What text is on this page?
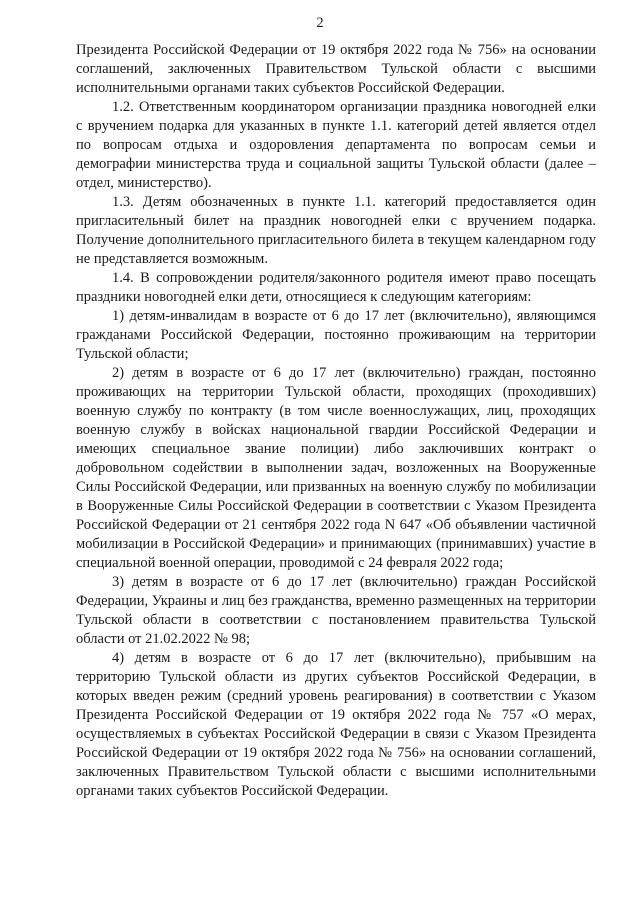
2

Президента Российской Федерации от 19 октября 2022 года № 756» на основании соглашений, заключенных Правительством Тульской области с высшими исполнительными органами таких субъектов Российской Федерации.

1.2. Ответственным координатором организации праздника новогодней елки с вручением подарка для указанных в пункте 1.1. категорий детей является отдел по вопросам отдыха и оздоровления департамента по вопросам семьи и демографии министерства труда и социальной защиты Тульской области (далее – отдел, министерство).

1.3. Детям обозначенных в пункте 1.1. категорий предоставляется один пригласительный билет на праздник новогодней елки с вручением подарка. Получение дополнительного пригласительного билета в текущем календарном году не представляется возможным.

1.4. В сопровождении родителя/законного родителя имеют право посещать праздники новогодней елки дети, относящиеся к следующим категориям:

1) детям-инвалидам в возрасте от 6 до 17 лет (включительно), являющимся гражданами Российской Федерации, постоянно проживающим на территории Тульской области;

2) детям в возрасте от 6 до 17 лет (включительно) граждан, постоянно проживающих на территории Тульской области, проходящих (проходивших) военную службу по контракту (в том числе военнослужащих, лиц, проходящих военную службу в войсках национальной гвардии Российской Федерации и имеющих специальное звание полиции) либо заключивших контракт о добровольном содействии в выполнении задач, возложенных на Вооруженные Силы Российской Федерации, или призванных на военную службу по мобилизации в Вооруженные Силы Российской Федерации в соответствии с Указом Президента Российской Федерации от 21 сентября 2022 года N 647 «Об объявлении частичной мобилизации в Российской Федерации» и принимающих (принимавших) участие в специальной военной операции, проводимой с 24 февраля 2022 года;

3) детям в возрасте от 6 до 17 лет (включительно) граждан Российской Федерации, Украины и лиц без гражданства, временно размещенных на территории Тульской области в соответствии с постановлением правительства Тульской области от 21.02.2022 № 98;

4) детям в возрасте от 6 до 17 лет (включительно), прибывшим на территорию Тульской области из других субъектов Российской Федерации, в которых введен режим (средний уровень реагирования) в соответствии с Указом Президента Российской Федерации от 19 октября 2022 года № 757 «О мерах, осуществляемых в субъектах Российской Федерации в связи с Указом Президента Российской Федерации от 19 октября 2022 года № 756» на основании соглашений, заключенных Правительством Тульской области с высшими исполнительными органами таких субъектов Российской Федерации.
